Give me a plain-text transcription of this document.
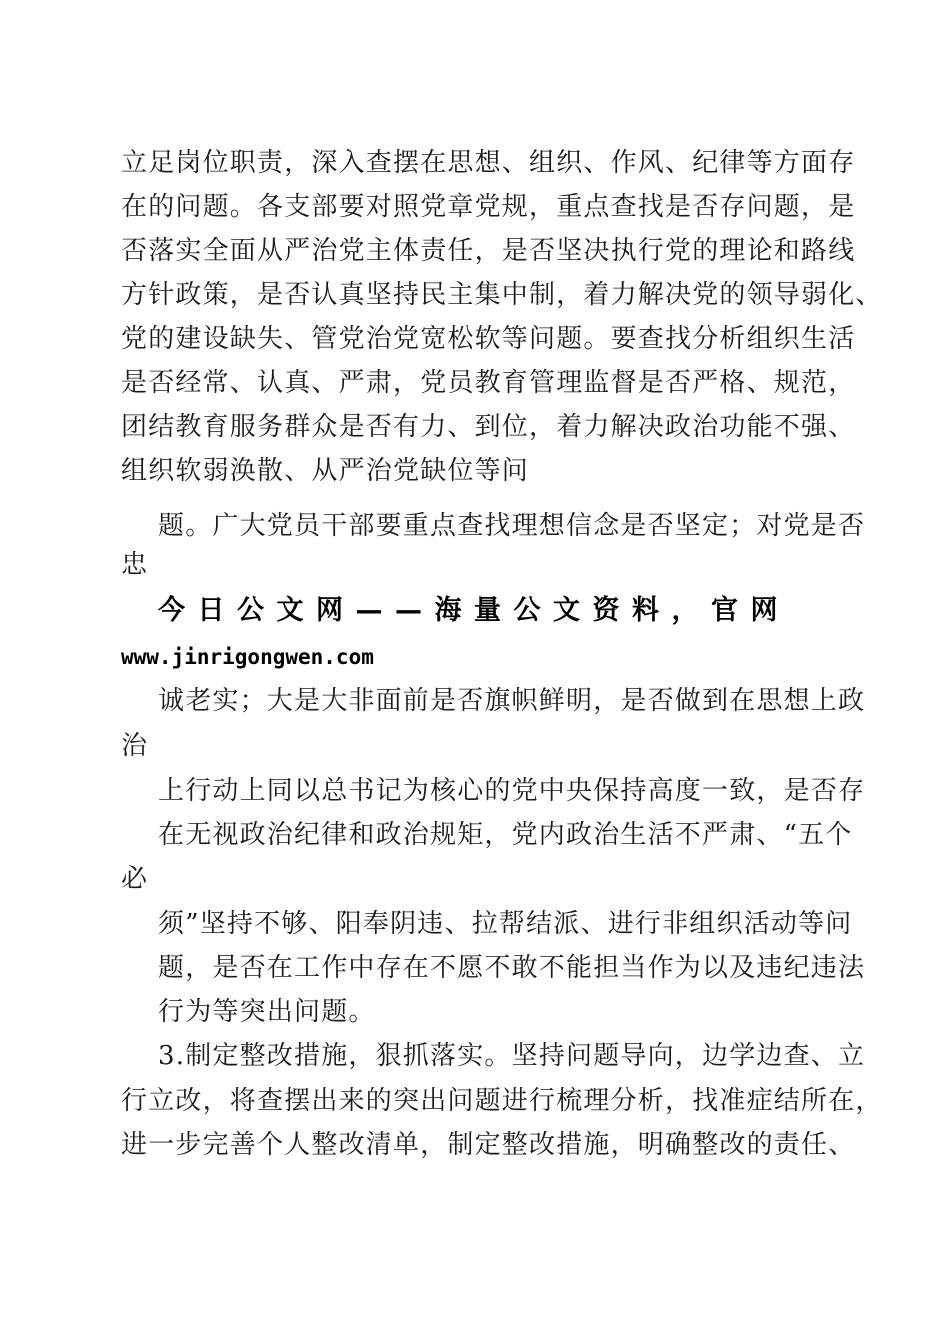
立足岗位职责，深入查摆在思想、组织、作风、纪律等方面存
在的问题。各支部要对照党章党规，重点查找是否存问题，是
否落实全面从严治党主体责任，是否坚决执行党的理论和路线
方针政策，是否认真坚持民主集中制，着力解决党的领导弱化、
党的建设缺失、管党治党宽松软等问题。要查找分析组织生活
是否经常、认真、严肃，党员教育管理监督是否严格、规范，
团结教育服务群众是否有力、到位，着力解决政治功能不强、
组织软弱涣散、从严治党缺位等问
题。广大党员干部要重点查找理想信念是否坚定；对党是否
忠
今日公文网——海量公文资料，官网
www.jinrigongwen.com
诚老实；大是大非面前是否旗帜鲜明，是否做到在思想上政
治
上行动上同以总书记为核心的党中央保持高度一致，是否存
在无视政治纪律和政治规矩，党内政治生活不严肃、“五个
必
须”坚持不够、阳奉阴违、拉帮结派、进行非组织活动等问
题，是否在工作中存在不愿不敢不能担当作为以及违纪违法
行为等突出问题。
3.制定整改措施，狠抓落实。坚持问题导向，边学边查、立
行立改，将查摆出来的突出问题进行梳理分析，找准症结所在，
进一步完善个人整改清单，制定整改措施，明确整改的责任、
